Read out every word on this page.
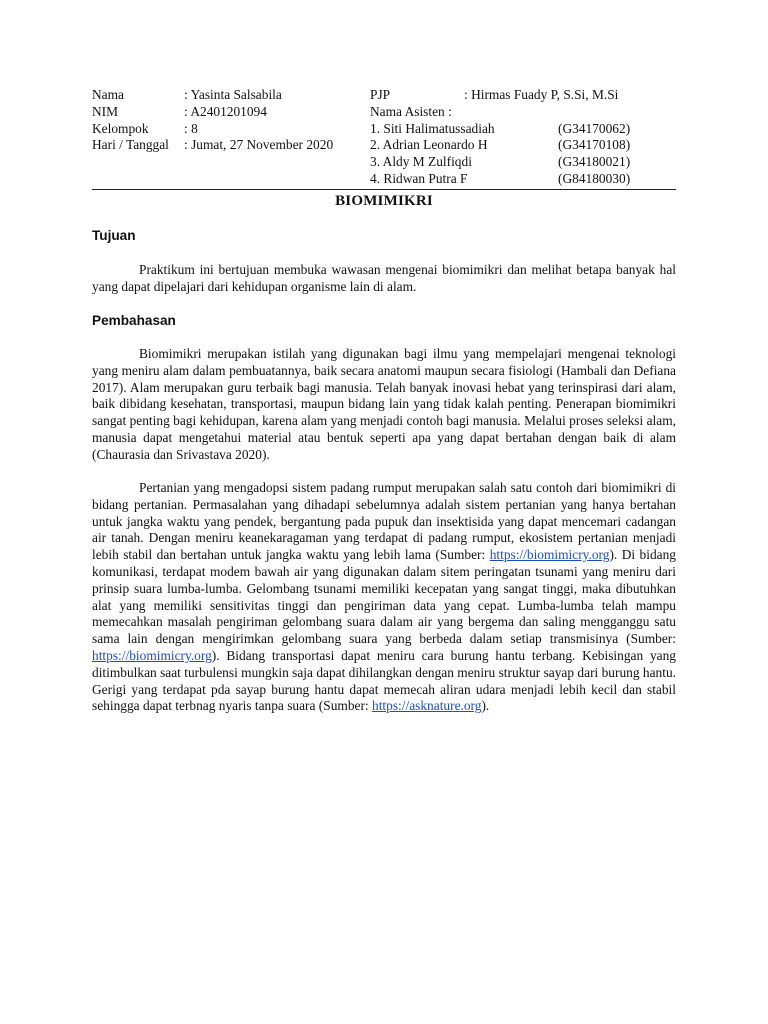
Nama	: Yasinta Salsabila	PJP	: Hirmas Fuady P, S.Si, M.Si
NIM	: A2401201094	Nama Asisten :
Kelompok	: 8	1. Siti Halimatussadiah	(G34170062)
Hari / Tanggal : Jumat, 27 November 2020	2. Adrian Leonardo H	(G34170108)
3. Aldy M Zulfiqdi	(G34180021)
4. Ridwan Putra F	(G84180030)
BIOMIMIKRI
Tujuan

Praktikum ini bertujuan membuka wawasan mengenai biomimikri dan melihat betapa banyak hal yang dapat dipelajari dari kehidupan organisme lain di alam.

Pembahasan

Biomimikri merupakan istilah yang digunakan bagi ilmu yang mempelajari mengenai teknologi yang meniru alam dalam pembuatannya, baik secara anatomi maupun secara fisiologi (Hambali dan Defiana 2017). Alam merupakan guru terbaik bagi manusia. Telah banyak inovasi hebat yang terinspirasi dari alam, baik dibidang kesehatan, transportasi, maupun bidang lain yang tidak kalah penting. Penerapan biomimikri sangat penting bagi kehidupan, karena alam yang menjadi contoh bagi manusia. Melalui proses seleksi alam, manusia dapat mengetahui material atau bentuk seperti apa yang dapat bertahan dengan baik di alam (Chaurasia dan Srivastava 2020).

Pertanian yang mengadopsi sistem padang rumput merupakan salah satu contoh dari biomimikri di bidang pertanian. Permasalahan yang dihadapi sebelumnya adalah sistem pertanian yang hanya bertahan untuk jangka waktu yang pendek, bergantung pada pupuk dan insektisida yang dapat mencemari cadangan air tanah. Dengan meniru keanekaragaman yang terdapat di padang rumput, ekosistem pertanian menjadi lebih stabil dan bertahan untuk jangka waktu yang lebih lama (Sumber: https://biomimicry.org). Di bidang komunikasi, terdapat modem bawah air yang digunakan dalam sitem peringatan tsunami yang meniru dari prinsip suara lumba-lumba. Gelombang tsunami memiliki kecepatan yang sangat tinggi, maka dibutuhkan alat yang memiliki sensitivitas tinggi dan pengiriman data yang cepat. Lumba-lumba telah mampu memecahkan masalah pengiriman gelombang suara dalam air yang bergema dan saling mengganggu satu sama lain dengan mengirimkan gelombang suara yang berbeda dalam setiap transmisinya (Sumber: https://biomimicry.org). Bidang transportasi dapat meniru cara burung hantu terbang. Kebisingan yang ditimbulkan saat turbulensi mungkin saja dapat dihilangkan dengan meniru struktur sayap dari burung hantu. Gerigi yang terdapat pda sayap burung hantu dapat memecah aliran udara menjadi lebih kecil dan stabil sehingga dapat terbnag nyaris tanpa suara (Sumber: https://asknature.org).
